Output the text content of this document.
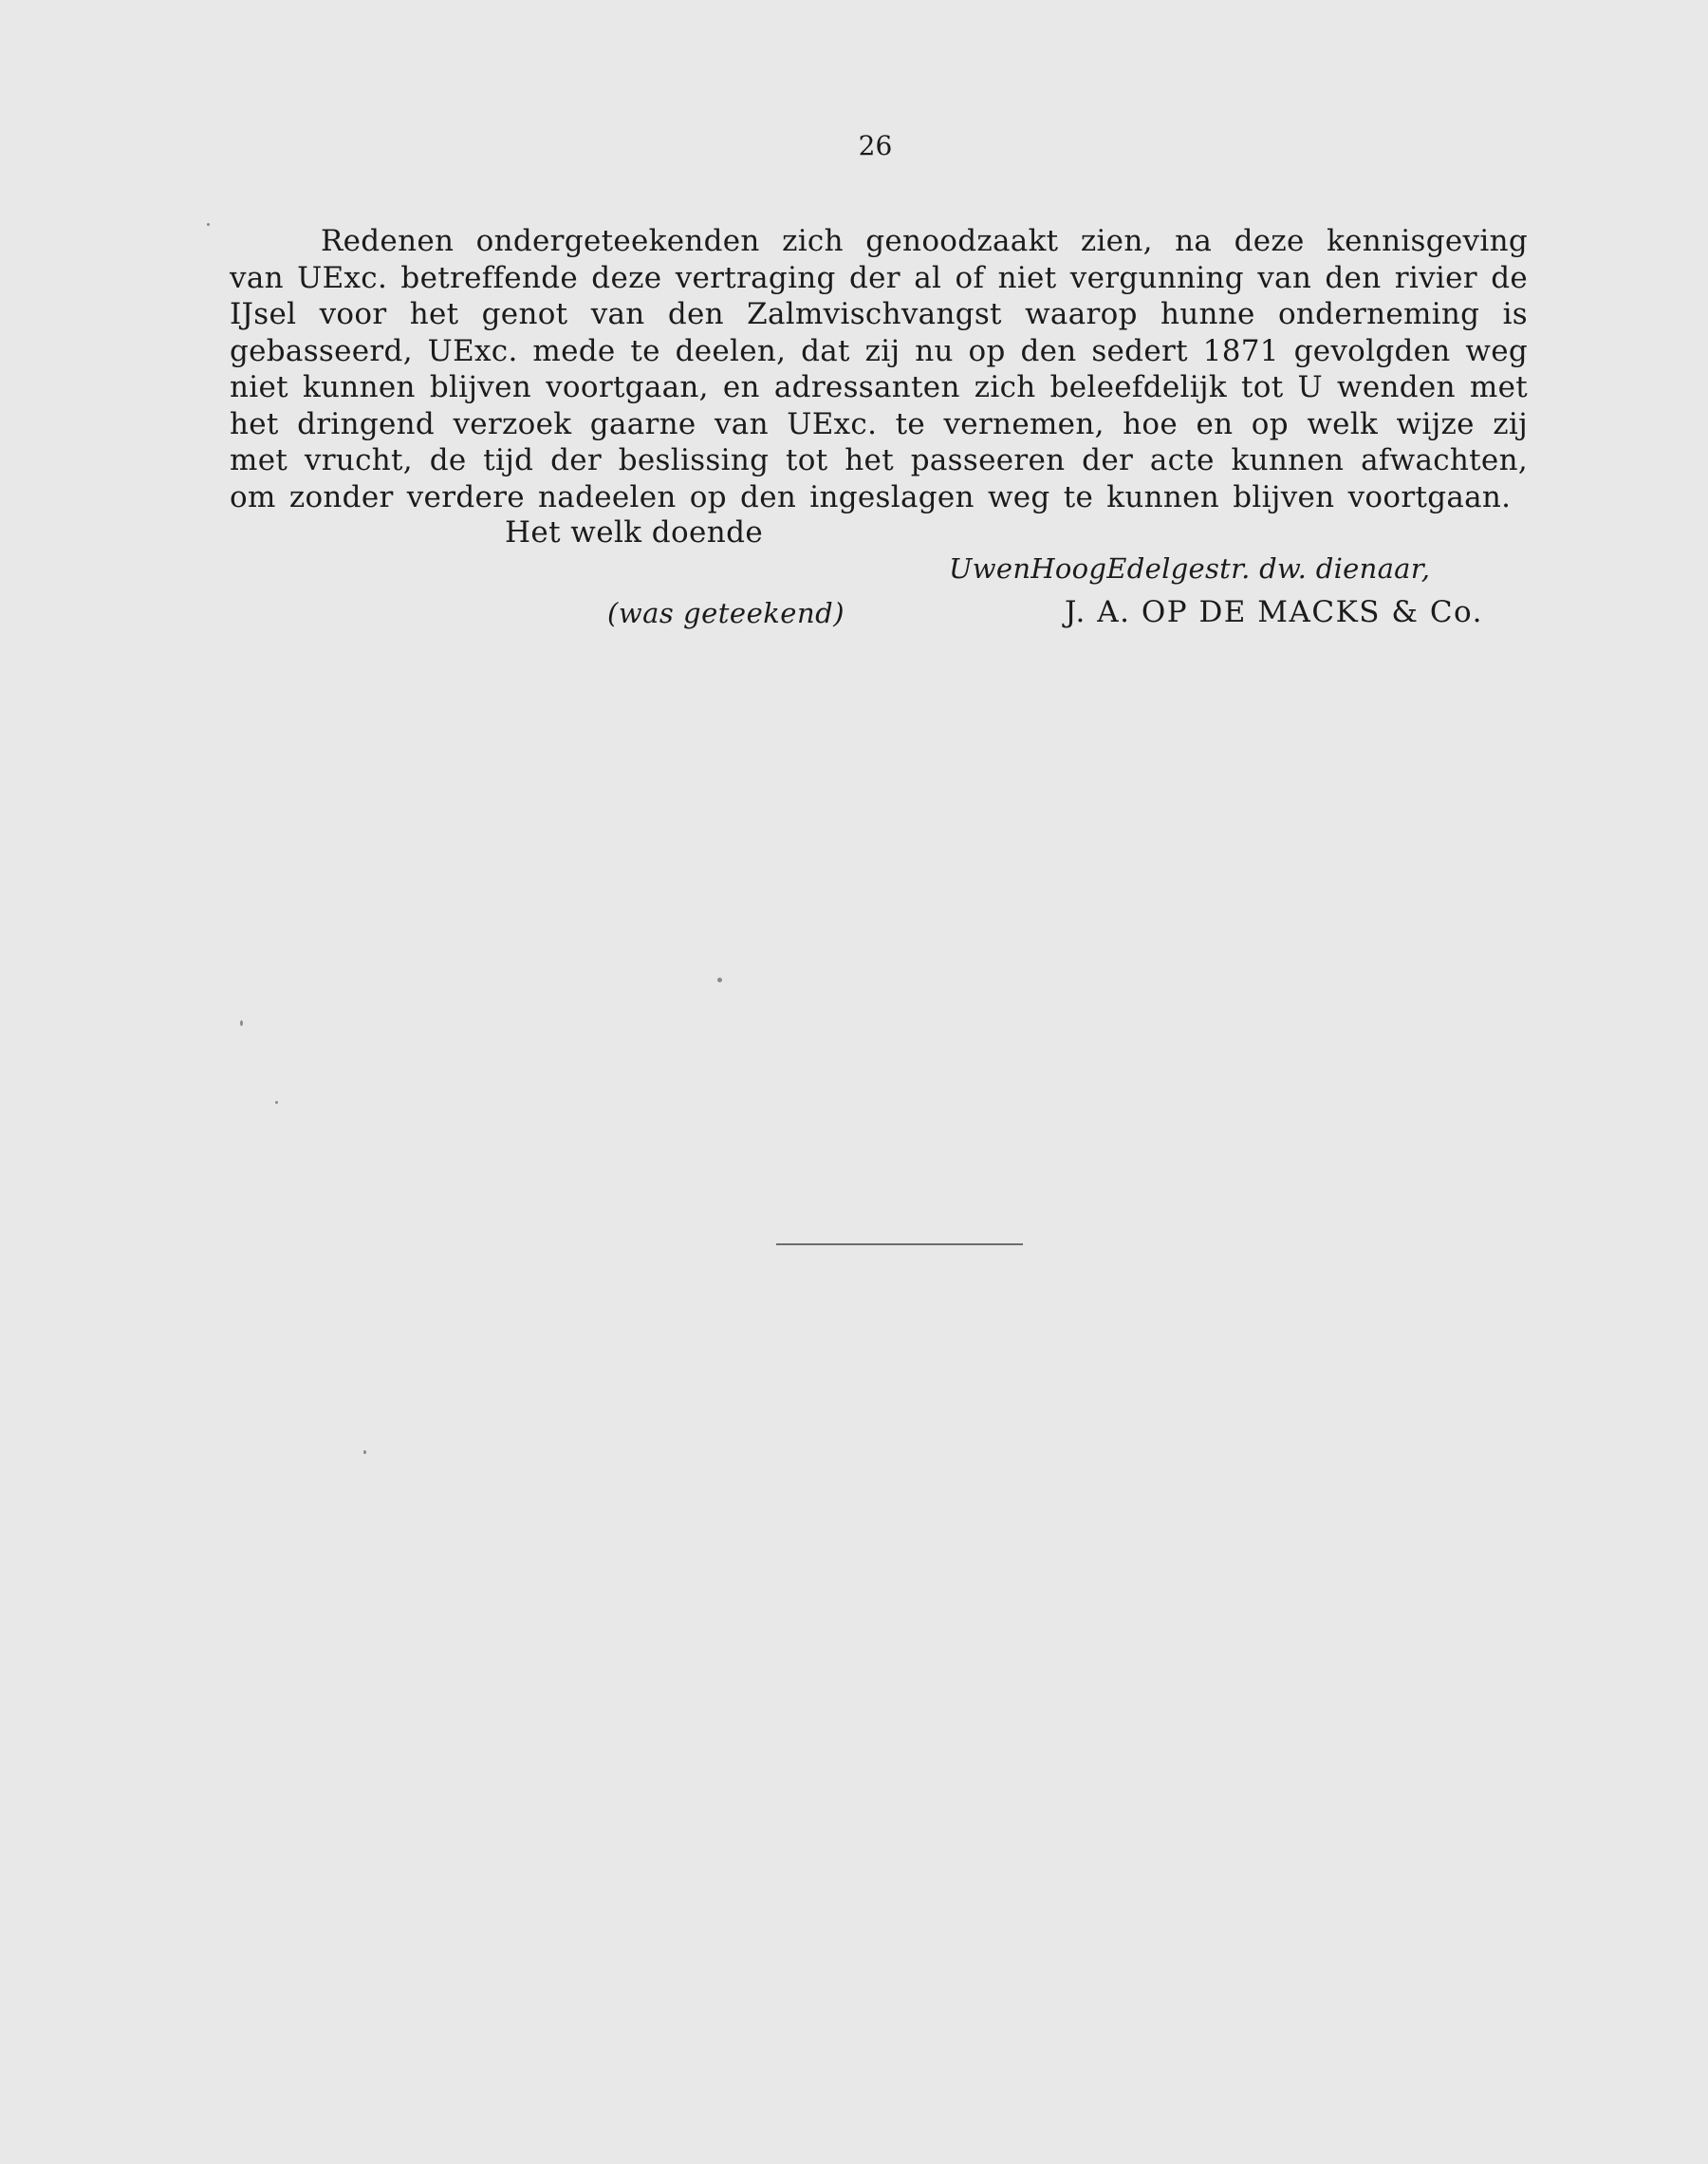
26

Redenen ondergeteekenden zich genoodzaakt zien, na deze kennisgeving van UExc. betreffende deze vertraging der al of niet vergunning van den rivier de IJsel voor het genot van den Zalmvischvangst waarop hunne onderneming is gebasseerd, UExc. mede te deelen, dat zij nu op den sedert 1871 gevolgden weg niet kunnen blijven voortgaan, en adressanten zich beleefdelijk tot U wenden met het dringend verzoek gaarne van UExc. te vernemen, hoe en op welk wijze zij met vrucht, de tijd der beslissing tot het passeeren der acte kunnen afwachten, om zonder verdere nadeelen op den ingeslagen weg te kunnen blijven voortgaan.

Het welk doende
UwenHoogEdelgestr. dw. dienaar,
(was geteekend)	J. A. OP DE MACKS & Co.
